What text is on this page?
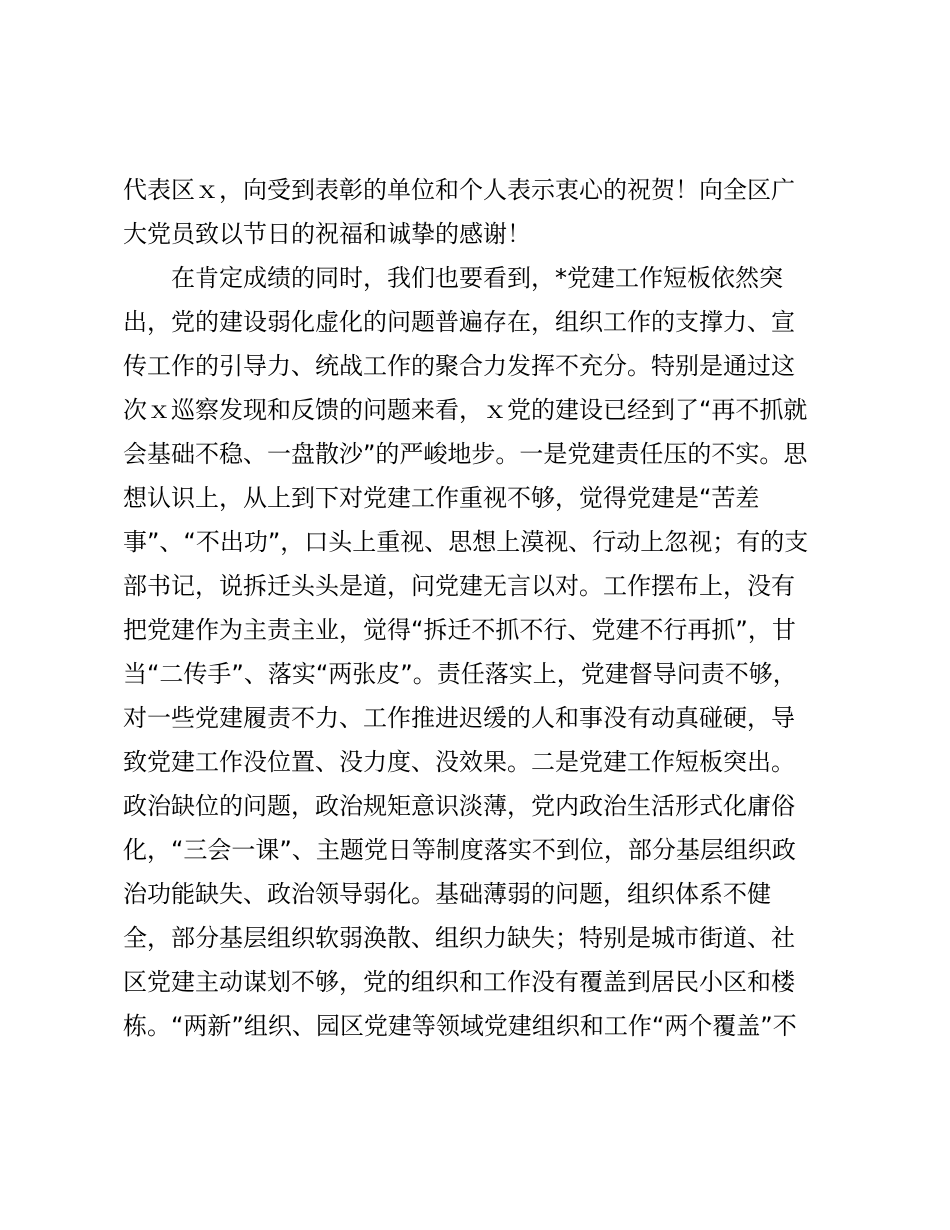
代表区ｘ，向受到表彰的单位和个人表示衷心的祝贺！向全区广
大党员致以节日的祝福和诚挚的感谢！
在肯定成绩的同时，我们也要看到，*党建工作短板依然突
出，党的建设弱化虚化的问题普遍存在，组织工作的支撑力、宣
传工作的引导力、统战工作的聚合力发挥不充分。特别是通过这
次ｘ巡察发现和反馈的问题来看，ｘ党的建设已经到了“再不抓就
会基础不稳、一盘散沙”的严峻地步。一是党建责任压的不实。思
想认识上，从上到下对党建工作重视不够，觉得党建是“苦差
事”、“不出功”，口头上重视、思想上漠视、行动上忽视；有的支
部书记，说拆迁头头是道，问党建无言以对。工作摆布上，没有
把党建作为主责主业，觉得“拆迁不抓不行、党建不行再抓”，甘
当“二传手”、落实“两张皮”。责任落实上，党建督导问责不够，
对一些党建履责不力、工作推进迟缓的人和事没有动真碰硬，导
致党建工作没位置、没力度、没效果。二是党建工作短板突出。
政治缺位的问题，政治规矩意识淡薄，党内政治生活形式化庸俗
化，“三会一课”、主题党日等制度落实不到位，部分基层组织政
治功能缺失、政治领导弱化。基础薄弱的问题，组织体系不健
全，部分基层组织软弱涣散、组织力缺失；特别是城市街道、社
区党建主动谋划不够，党的组织和工作没有覆盖到居民小区和楼
栋。“两新”组织、园区党建等领域党建组织和工作“两个覆盖”不
